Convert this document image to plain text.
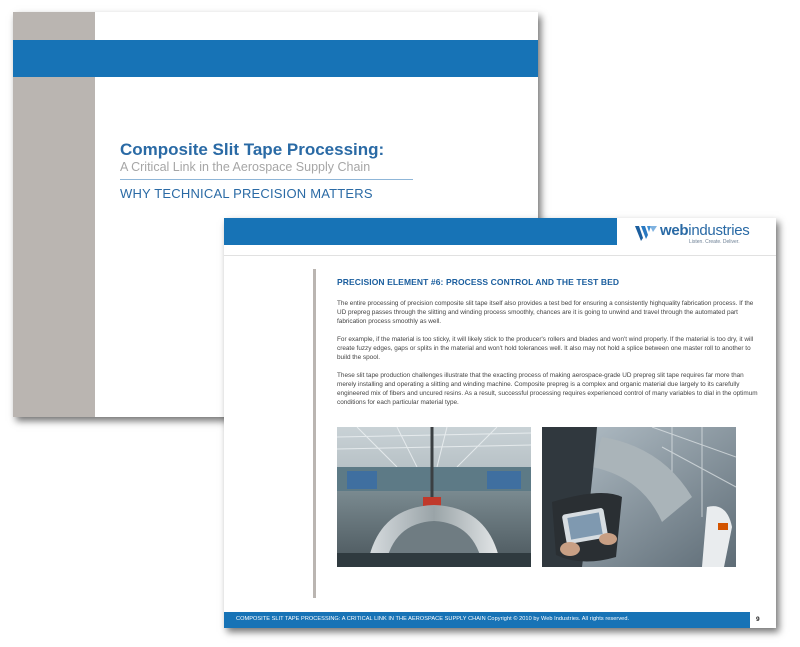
Composite Slit Tape Processing:
A Critical Link in the Aerospace Supply Chain
WHY TECHNICAL PRECISION MATTERS
webindustries
Listen. Create. Deliver.
PRECISION ELEMENT #6: PROCESS CONTROL AND THE TEST BED

The entire processing of precision composite slit tape itself also provides a test bed for ensuring a consistently highquality fabrication process. If the UD prepreg passes through the slitting and winding process smoothly, chances are it is going to unwind and travel through the automated part fabrication process smoothly as well.

For example, if the material is too sticky, it will likely stick to the producer's rollers and blades and won't wind properly. If the material is too dry, it will create fuzzy edges, gaps or splits in the material and won't hold tolerances well. It also may not hold a splice between one master roll to another to build the spool.

These slit tape production challenges illustrate that the exacting process of making aerospace-grade UD prepreg slit tape requires far more than merely installing and operating a slitting and winding machine. Composite prepreg is a complex and organic material due largely to its carefully engineered mix of fibers and uncured resins. As a result, successful processing requires experienced control of many variables to dial in the optimum conditions for each particular material type.

COMPOSITE SLIT TAPE PROCESSING: A CRITICAL LINK IN THE AEROSPACE SUPPLY CHAIN Copyright © 2010 by Web Industries. All rights reserved.	9
